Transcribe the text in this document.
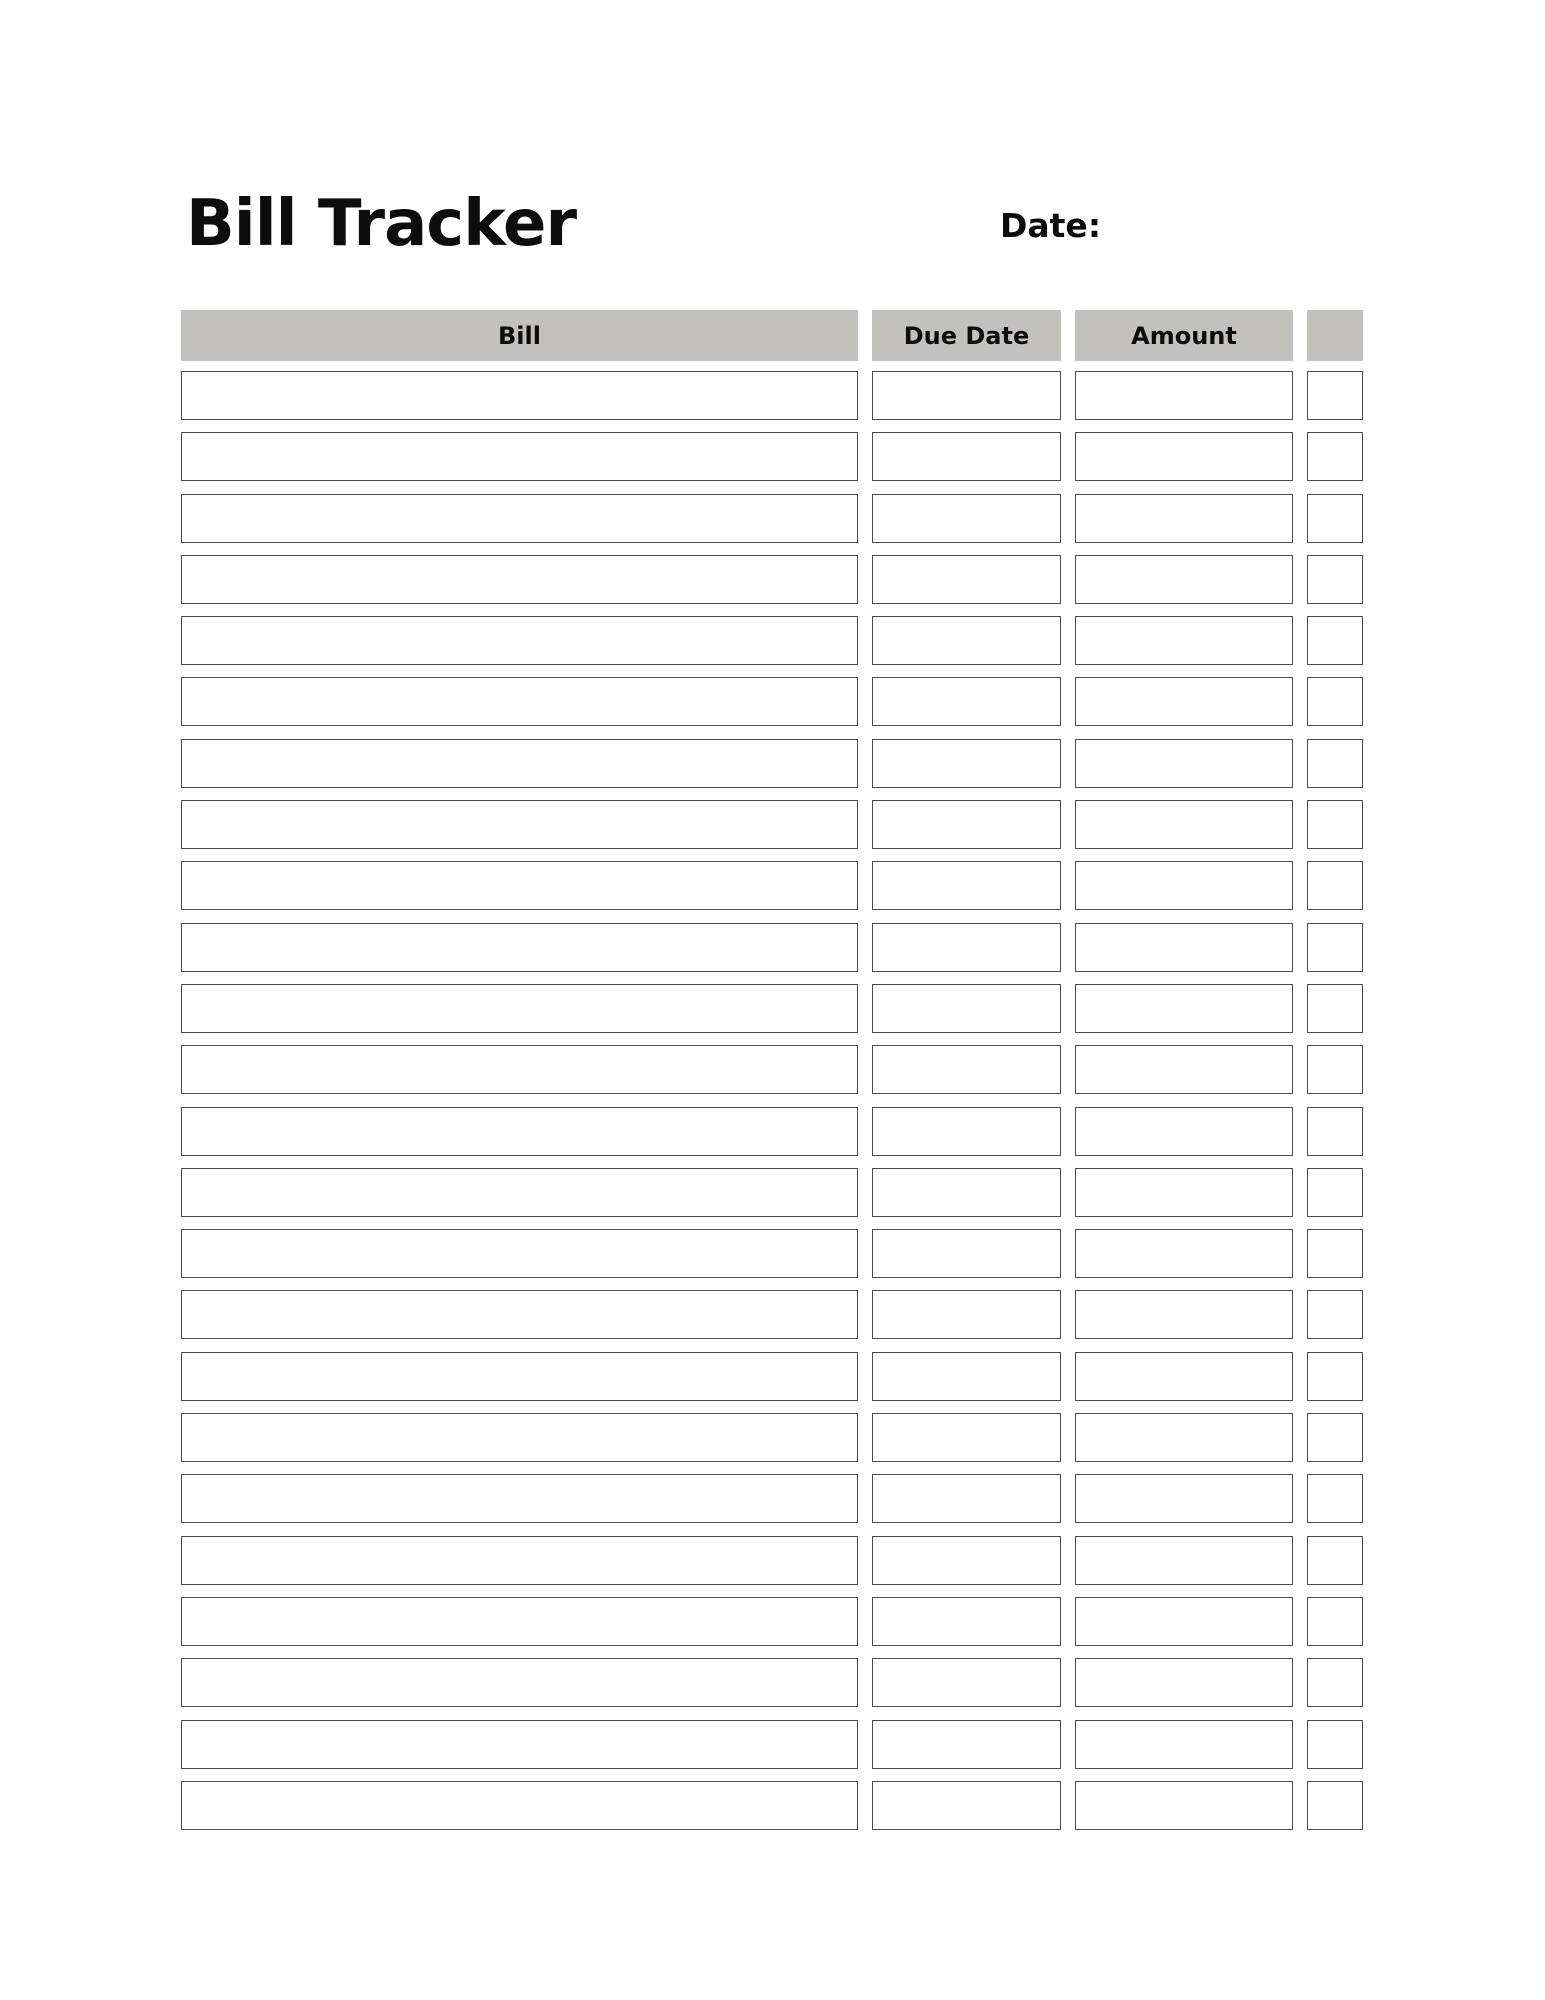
Bill Tracker	Date:
Bill	Due Date	Amount
